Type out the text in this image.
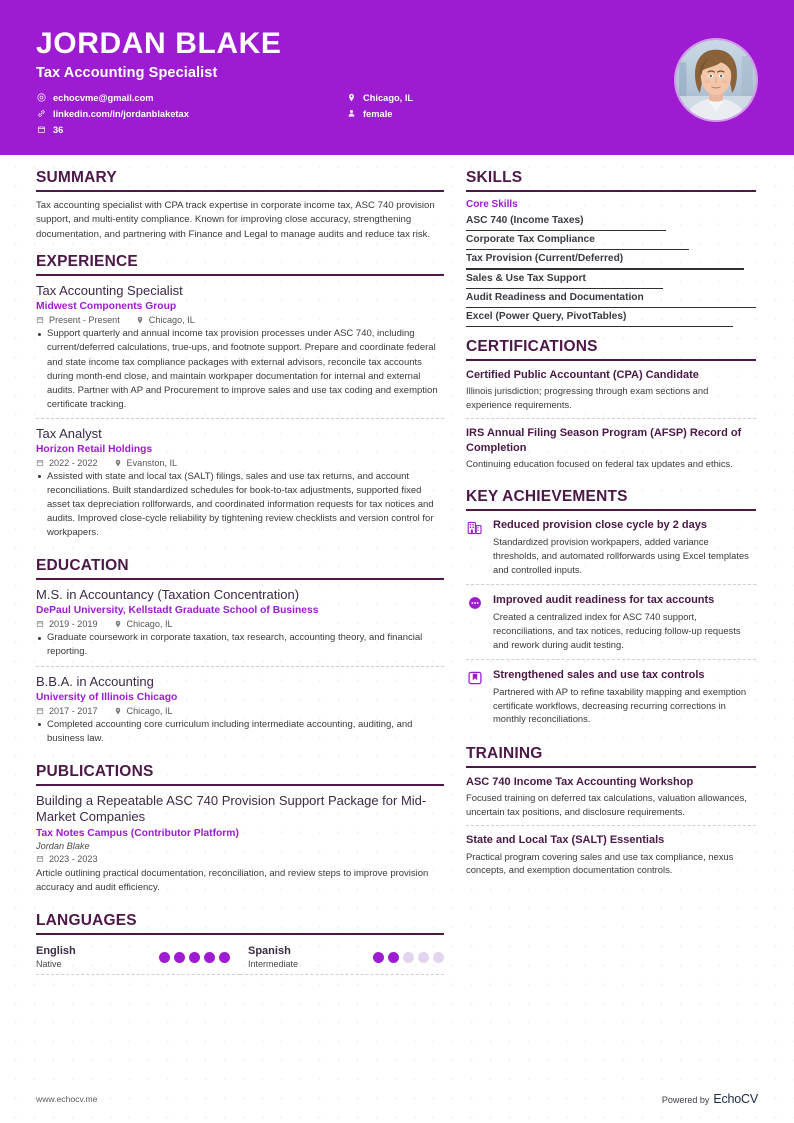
JORDAN BLAKE
Tax Accounting Specialist
echocvme@gmail.com
linkedin.com/in/jordanblaketax
36
Chicago, IL
female
SUMMARY
Tax accounting specialist with CPA track expertise in corporate income tax, ASC 740 provision support, and multi-entity compliance. Known for improving close accuracy, strengthening documentation, and partnering with Finance and Legal to manage audits and reduce tax risk.
EXPERIENCE
Tax Accounting Specialist
Midwest Components Group
Present - Present	Chicago, IL
Support quarterly and annual income tax provision processes under ASC 740, including current/deferred calculations, true-ups, and footnote support. Prepare and coordinate federal and state income tax compliance packages with external advisors, reconcile tax accounts during month-end close, and maintain workpaper documentation for internal and external audits. Partner with AP and Procurement to improve sales and use tax coding and exemption certificate tracking.
Tax Analyst
Horizon Retail Holdings
2022 - 2022	Evanston, IL
Assisted with state and local tax (SALT) filings, sales and use tax returns, and account reconciliations. Built standardized schedules for book-to-tax adjustments, supported fixed asset tax depreciation rollforwards, and coordinated information requests for tax notices and audits. Improved close-cycle reliability by tightening review checklists and version control for workpapers.
EDUCATION
M.S. in Accountancy (Taxation Concentration)
DePaul University, Kellstadt Graduate School of Business
2019 - 2019	Chicago, IL
Graduate coursework in corporate taxation, tax research, accounting theory, and financial reporting.
B.B.A. in Accounting
University of Illinois Chicago
2017 - 2017	Chicago, IL
Completed accounting core curriculum including intermediate accounting, auditing, and business law.
PUBLICATIONS
Building a Repeatable ASC 740 Provision Support Package for Mid-Market Companies
Tax Notes Campus (Contributor Platform)
Jordan Blake
2023 - 2023
Article outlining practical documentation, reconciliation, and review steps to improve provision accuracy and audit efficiency.
LANGUAGES
English
Native
Spanish
Intermediate
SKILLS
Core Skills
ASC 740 (Income Taxes)
Corporate Tax Compliance
Tax Provision (Current/Deferred)
Sales & Use Tax Support
Audit Readiness and Documentation
Excel (Power Query, PivotTables)
CERTIFICATIONS
Certified Public Accountant (CPA) Candidate
Illinois jurisdiction; progressing through exam sections and experience requirements.
IRS Annual Filing Season Program (AFSP) Record of Completion
Continuing education focused on federal tax updates and ethics.
KEY ACHIEVEMENTS
Reduced provision close cycle by 2 days
Standardized provision workpapers, added variance thresholds, and automated rollforwards using Excel templates and controlled inputs.
Improved audit readiness for tax accounts
Created a centralized index for ASC 740 support, reconciliations, and tax notices, reducing follow-up requests and rework during audit testing.
Strengthened sales and use tax controls
Partnered with AP to refine taxability mapping and exemption certificate workflows, decreasing recurring corrections in monthly reconciliations.
TRAINING
ASC 740 Income Tax Accounting Workshop
Focused training on deferred tax calculations, valuation allowances, uncertain tax positions, and disclosure requirements.
State and Local Tax (SALT) Essentials
Practical program covering sales and use tax compliance, nexus concepts, and exemption documentation controls.
www.echocv.me	Powered by EchoCV
